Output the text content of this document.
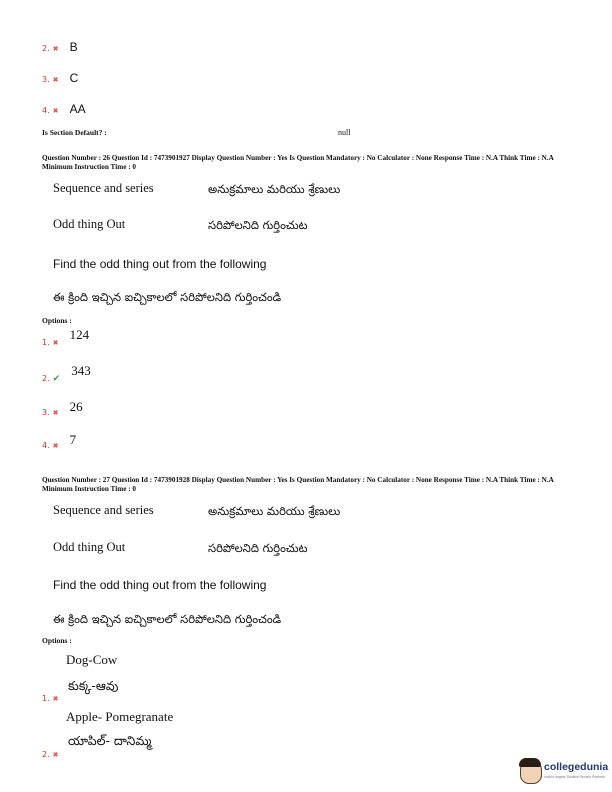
2. ✖ B
3. ✖ C
4. ✖ AA
Is Section Default? :	null
Question Number : 26 Question Id : 7473901927 Display Question Number : Yes Is Question Mandatory : No Calculator : None Response Time : N.A Think Time : N.A Minimum Instruction Time : 0
Sequence and series	అనుక్రమాలు మరియు శ్రేణులు
Odd thing Out	సరిపోలనిది గుర్తించుట
Find the odd thing out from the following
ఈ క్రింది ఇచ్చిన ఐచ్చికాలలో సరిపోలనిది గుర్తించండి
Options :
1. ✖ $^{124}$
2. ✔ $^{343}$
3. ✖ $^{26}$
4. ✖ $^7$
Question Number : 27 Question Id : 7473901928 Display Question Number : Yes Is Question Mandatory : No Calculator : None Response Time : N.A Think Time : N.A Minimum Instruction Time : 0
Sequence and series	అనుక్రమాలు మరియు శ్రేణులు
Odd thing Out	సరిపోలనిది గుర్తించుట
Find the odd thing out from the following
ఈ క్రింది ఇచ్చిన ఐచ్చికాలలో సరిపోలనిది గుర్తించండి
Options :
Dog-Cow
1. ✖
కుక్క-ఆవు
Apple- Pomegranate
2. ✖
యాపిల్- దానిమ్మ
collegedunia
India's largest Student Review Platform
